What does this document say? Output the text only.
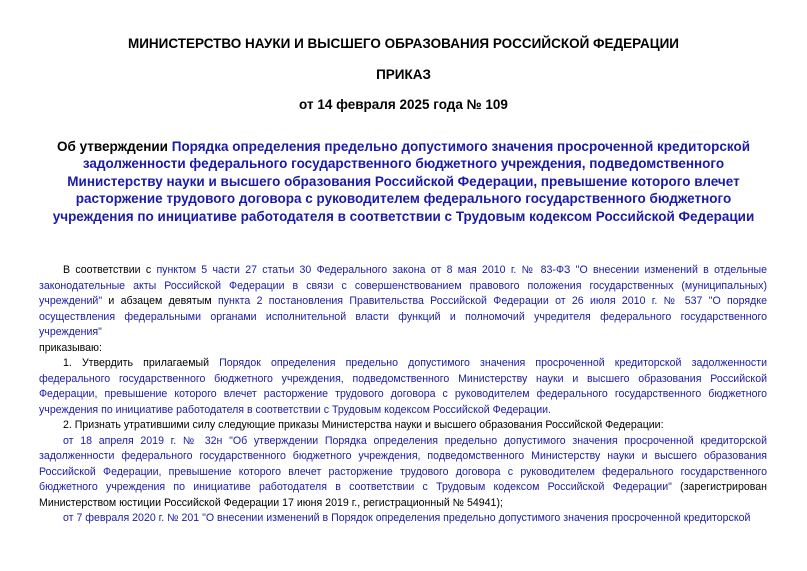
МИНИСТЕРСТВО НАУКИ И ВЫСШЕГО ОБРАЗОВАНИЯ РОССИЙСКОЙ ФЕДЕРАЦИИ
ПРИКАЗ
от 14 февраля 2025 года № 109
Об утверждении Порядка определения предельно допустимого значения просроченной кредиторской задолженности федерального государственного бюджетного учреждения, подведомственного Министерству науки и высшего образования Российской Федерации, превышение которого влечет расторжение трудового договора с руководителем федерального государственного бюджетного учреждения по инициативе работодателя в соответствии с Трудовым кодексом Российской Федерации

В соответствии с пунктом 5 части 27 статьи 30 Федерального закона от 8 мая 2010 г. № 83-ФЗ "О внесении изменений в отдельные законодательные акты Российской Федерации в связи с совершенствованием правового положения государственных (муниципальных) учреждений" и абзацем девятым пункта 2 постановления Правительства Российской Федерации от 26 июля 2010 г. № 537 "О порядке осуществления федеральными органами исполнительной власти функций и полномочий учредителя федерального государственного учреждения"

приказываю:

1. Утвердить прилагаемый Порядок определения предельно допустимого значения просроченной кредиторской задолженности федерального государственного бюджетного учреждения, подведомственного Министерству науки и высшего образования Российской Федерации, превышение которого влечет расторжение трудового договора с руководителем федерального государственного бюджетного учреждения по инициативе работодателя в соответствии с Трудовым кодексом Российской Федерации.

2. Признать утратившими силу следующие приказы Министерства науки и высшего образования Российской Федерации:

от 18 апреля 2019 г. № 32н "Об утверждении Порядка определения предельно допустимого значения просроченной кредиторской задолженности федерального государственного бюджетного учреждения, подведомственного Министерству науки и высшего образования Российской Федерации, превышение которого влечет расторжение трудового договора с руководителем федерального государственного бюджетного учреждения по инициативе работодателя в соответствии с Трудовым кодексом Российской Федерации" (зарегистрирован Министерством юстиции Российской Федерации 17 июня 2019 г., регистрационный № 54941);

от 7 февраля 2020 г. № 201 "О внесении изменений в Порядок определения предельно допустимого значения просроченной кредиторской
